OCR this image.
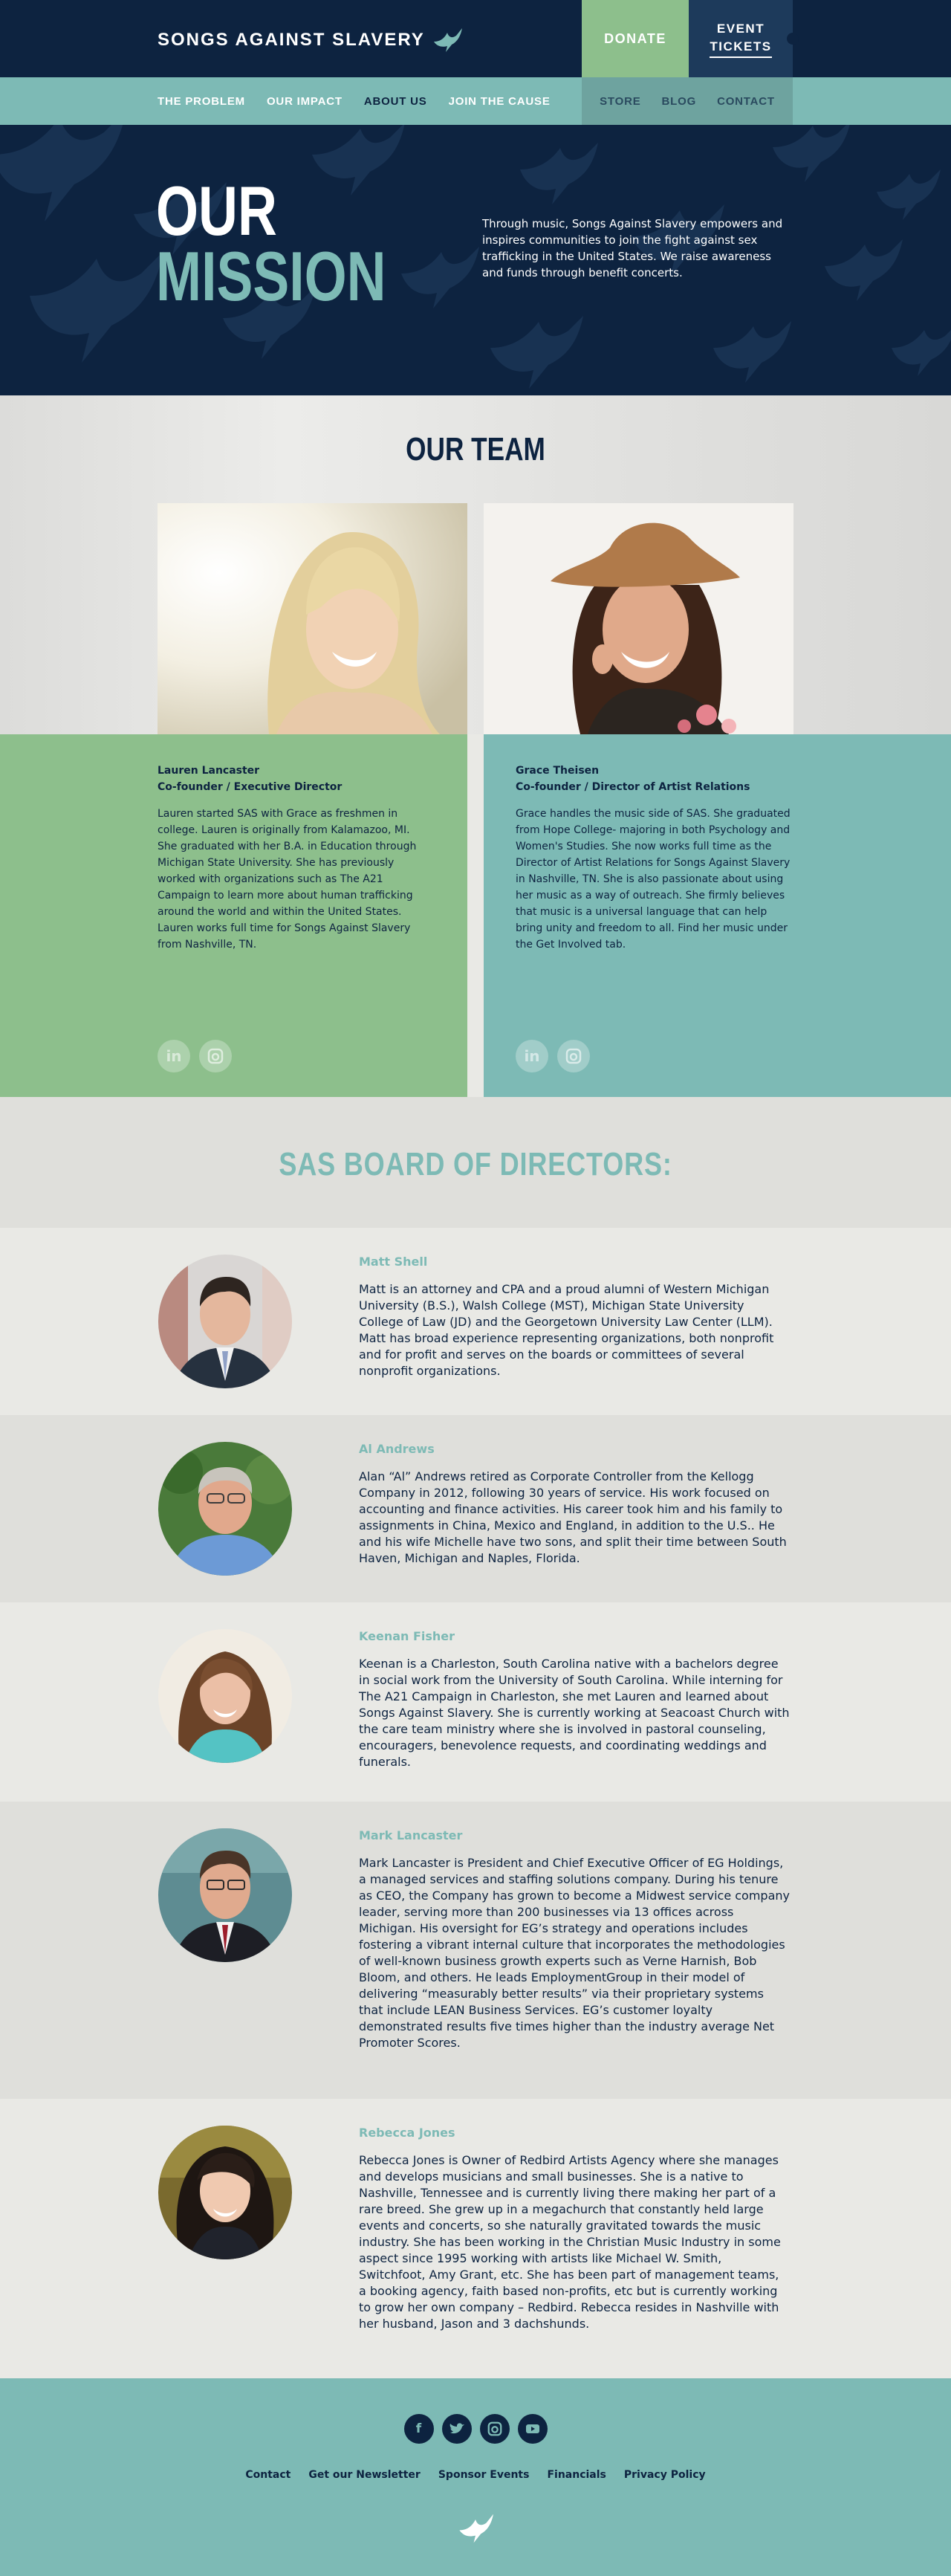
SONGS AGAINST SLAVERY	DONATE
EVENT
TICKETS
THE PROBLEM OUR IMPACT ABOUT US JOIN THE CAUSE	STORE BLOG CONTACT
OUR
MISSION
Through music, Songs Against Slavery empowers and inspires communities to join the fight against sex trafficking in the United States. We raise awareness and funds through benefit concerts.
OUR TEAM
Lauren Lancaster
Co-founder / Executive Director
Lauren started SAS with Grace as freshmen in college. Lauren is originally from Kalamazoo, MI. She graduated with her B.A. in Education through Michigan State University. She has previously worked with organizations such as The A21 Campaign to learn more about human trafficking around the world and within the United States. Lauren works full time for Songs Against Slavery from Nashville, TN.
in
Grace Theisen
Co-founder / Director of Artist Relations
Grace handles the music side of SAS. She graduated from Hope College- majoring in both Psychology and Women's Studies. She now works full time as the Director of Artist Relations for Songs Against Slavery in Nashville, TN. She is also passionate about using her music as a way of outreach. She firmly believes that music is a universal language that can help bring unity and freedom to all. Find her music under the Get Involved tab.
in
SAS BOARD OF DIRECTORS:
Matt Shell
Matt is an attorney and CPA and a proud alumni of Western Michigan University (B.S.), Walsh College (MST), Michigan State University College of Law (JD) and the Georgetown University Law Center (LLM). Matt has broad experience representing organizations, both nonprofit and for profit and serves on the boards or committees of several nonprofit organizations.
Al Andrews
Alan “Al” Andrews retired as Corporate Controller from the Kellogg Company in 2012, following 30 years of service. His work focused on accounting and finance activities. His career took him and his family to assignments in China, Mexico and England, in addition to the U.S.. He and his wife Michelle have two sons, and split their time between South Haven, Michigan and Naples, Florida.
Keenan Fisher
Keenan is a Charleston, South Carolina native with a bachelors degree in social work from the University of South Carolina. While interning for The A21 Campaign in Charleston, she met Lauren and learned about Songs Against Slavery. She is currently working at Seacoast Church with the care team ministry where she is involved in pastoral counseling, encouragers, benevolence requests, and coordinating weddings and funerals.
Mark Lancaster
Mark Lancaster is President and Chief Executive Officer of EG Holdings, a managed services and staffing solutions company. During his tenure as CEO, the Company has grown to become a Midwest service company leader, serving more than 200 businesses via 13 offices across Michigan. His oversight for EG’s strategy and operations includes fostering a vibrant internal culture that incorporates the methodologies of well-known business growth experts such as Verne Harnish, Bob Bloom, and others. He leads EmploymentGroup in their model of delivering “measurably better results” via their proprietary systems that include LEAN Business Services. EG’s customer loyalty demonstrated results five times higher than the industry average Net Promoter Scores.
Rebecca Jones
Rebecca Jones is Owner of Redbird Artists Agency where she manages and develops musicians and small businesses. She is a native to Nashville, Tennessee and is currently living there making her part of a rare breed. She grew up in a megachurch that constantly held large events and concerts, so she naturally gravitated towards the music industry. She has been working in the Christian Music Industry in some aspect since 1995 working with artists like Michael W. Smith, Switchfoot, Amy Grant, etc. She has been part of management teams, a booking agency, faith based non-profits, etc but is currently working to grow her own company – Redbird. Rebecca resides in Nashville with her husband, Jason and 3 dachshunds.
f
Contact Get our Newsletter Sponsor Events Financials Privacy Policy
